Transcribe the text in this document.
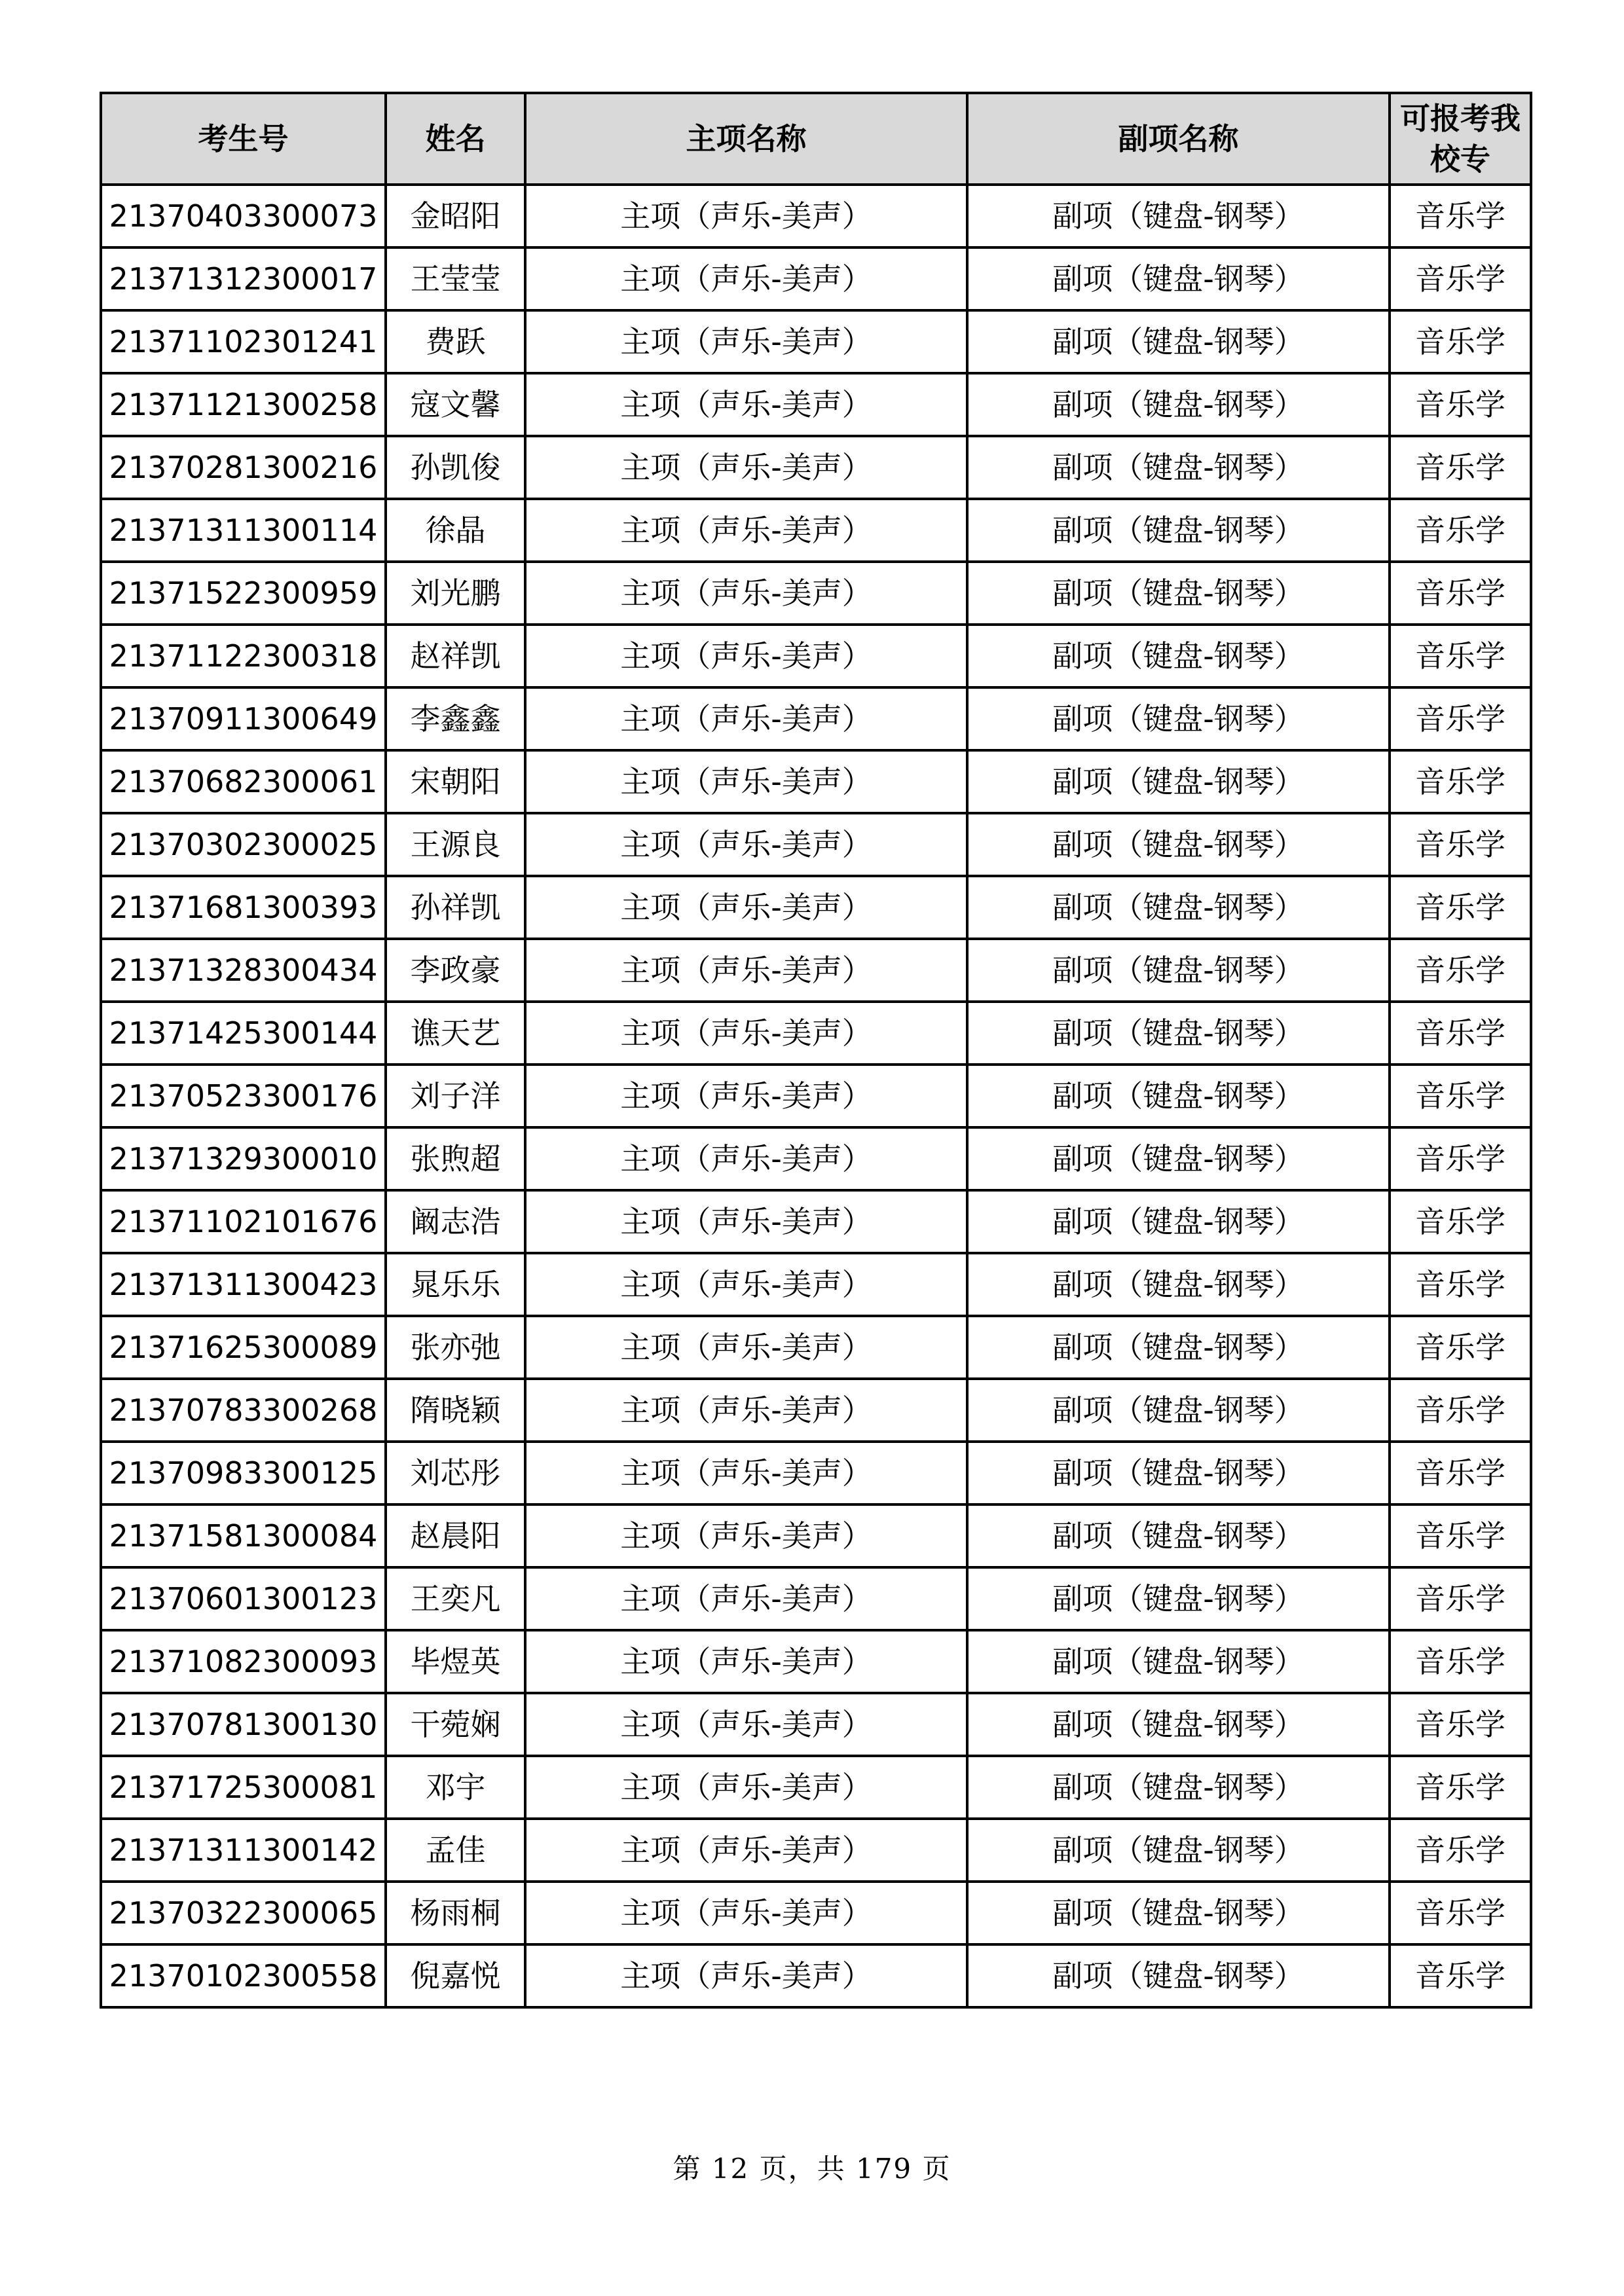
考生号	姓名	主项名称	副项名称	可报考我校专
21370403300073	金昭阳	主项（声乐-美声）	副项（键盘-钢琴）	音乐学
21371312300017	王莹莹	主项（声乐-美声）	副项（键盘-钢琴）	音乐学
21371102301241	费跃	主项（声乐-美声）	副项（键盘-钢琴）	音乐学
21371121300258	寇文馨	主项（声乐-美声）	副项（键盘-钢琴）	音乐学
21370281300216	孙凯俊	主项（声乐-美声）	副项（键盘-钢琴）	音乐学
21371311300114	徐晶	主项（声乐-美声）	副项（键盘-钢琴）	音乐学
21371522300959	刘光鹏	主项（声乐-美声）	副项（键盘-钢琴）	音乐学
21371122300318	赵祥凯	主项（声乐-美声）	副项（键盘-钢琴）	音乐学
21370911300649	李鑫鑫	主项（声乐-美声）	副项（键盘-钢琴）	音乐学
21370682300061	宋朝阳	主项（声乐-美声）	副项（键盘-钢琴）	音乐学
21370302300025	王源良	主项（声乐-美声）	副项（键盘-钢琴）	音乐学
21371681300393	孙祥凯	主项（声乐-美声）	副项（键盘-钢琴）	音乐学
21371328300434	李政豪	主项（声乐-美声）	副项（键盘-钢琴）	音乐学
21371425300144	谯天艺	主项（声乐-美声）	副项（键盘-钢琴）	音乐学
21370523300176	刘子洋	主项（声乐-美声）	副项（键盘-钢琴）	音乐学
21371329300010	张煦超	主项（声乐-美声）	副项（键盘-钢琴）	音乐学
21371102101676	阚志浩	主项（声乐-美声）	副项（键盘-钢琴）	音乐学
21371311300423	晁乐乐	主项（声乐-美声）	副项（键盘-钢琴）	音乐学
21371625300089	张亦弛	主项（声乐-美声）	副项（键盘-钢琴）	音乐学
21370783300268	隋晓颖	主项（声乐-美声）	副项（键盘-钢琴）	音乐学
21370983300125	刘芯彤	主项（声乐-美声）	副项（键盘-钢琴）	音乐学
21371581300084	赵晨阳	主项（声乐-美声）	副项（键盘-钢琴）	音乐学
21370601300123	王奕凡	主项（声乐-美声）	副项（键盘-钢琴）	音乐学
21371082300093	毕煜英	主项（声乐-美声）	副项（键盘-钢琴）	音乐学
21370781300130	干菀娴	主项（声乐-美声）	副项（键盘-钢琴）	音乐学
21371725300081	邓宇	主项（声乐-美声）	副项（键盘-钢琴）	音乐学
21371311300142	孟佳	主项（声乐-美声）	副项（键盘-钢琴）	音乐学
21370322300065	杨雨桐	主项（声乐-美声）	副项（键盘-钢琴）	音乐学
21370102300558	倪嘉悦	主项（声乐-美声）	副项（键盘-钢琴）	音乐学
第 12 页，共 179 页
